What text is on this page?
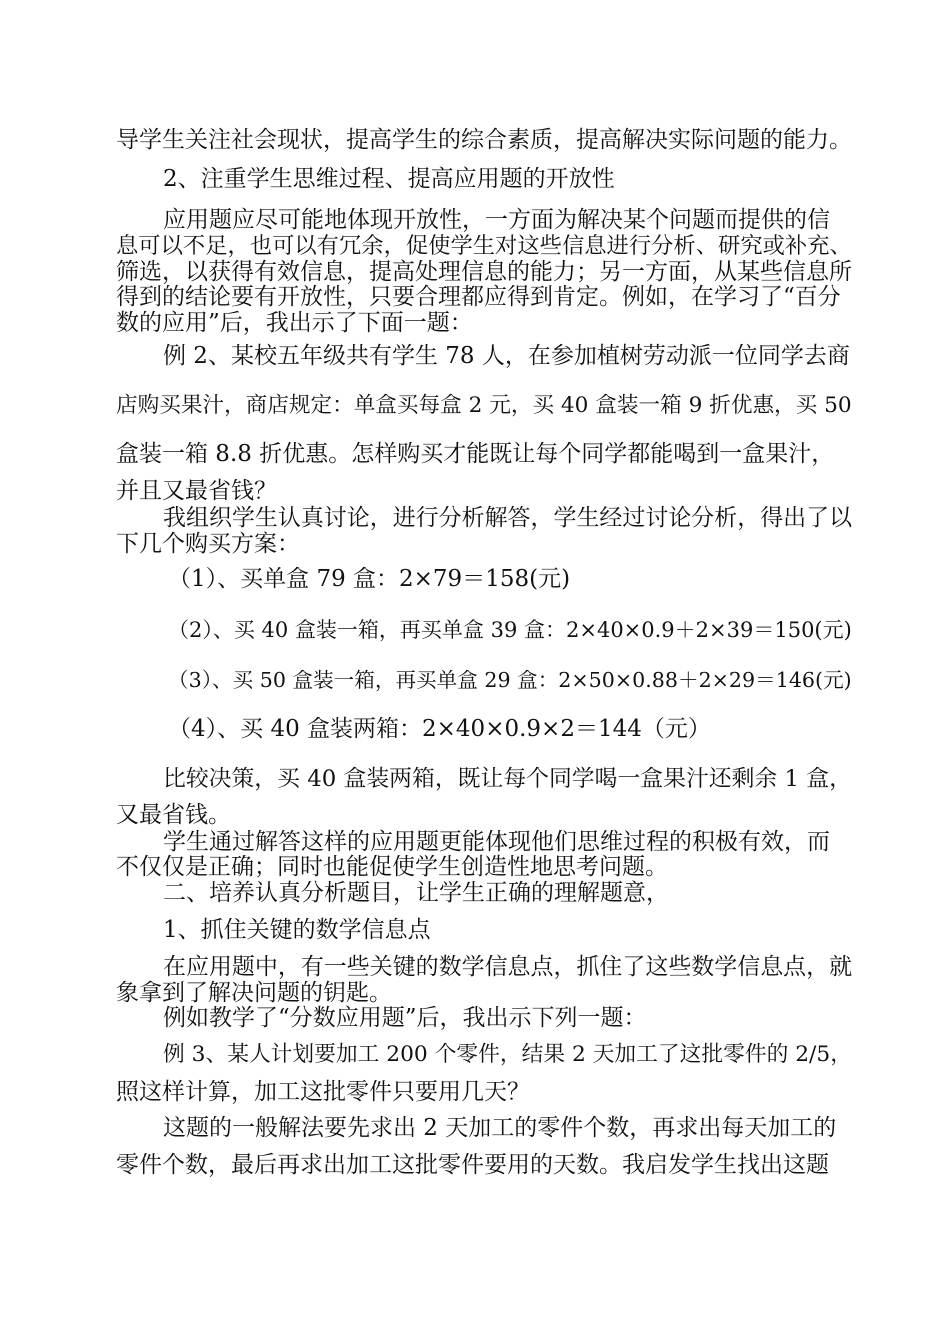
导学生关注社会现状，提高学生的综合素质，提高解决实际问题的能力。
2、注重学生思维过程、提高应用题的开放性
应用题应尽可能地体现开放性，一方面为解决某个问题而提供的信
息可以不足，也可以有冗余，促使学生对这些信息进行分析、研究或补充、
筛选，以获得有效信息，提高处理信息的能力；另一方面，从某些信息所
得到的结论要有开放性，只要合理都应得到肯定。例如，在学习了“百分
数的应用”后，我出示了下面一题：
例 2、某校五年级共有学生 78 人，在参加植树劳动派一位同学去商
店购买果汁，商店规定：单盒买每盒 2 元，买 40 盒装一箱 9 折优惠，买 50
盒装一箱 8.8 折优惠。怎样购买才能既让每个同学都能喝到一盒果汁，
并且又最省钱？
我组织学生认真讨论，进行分析解答，学生经过讨论分析，得出了以
下几个购买方案：
（1）、买单盒 79 盒：2×79＝158(元)
（2）、买 40 盒装一箱，再买单盒 39 盒：2×40×0.9＋2×39＝150(元)
（3）、买 50 盒装一箱，再买单盒 29 盒：2×50×0.88＋2×29＝146(元)
（4）、买 40 盒装两箱：2×40×0.9×2＝144（元）
比较决策，买 40 盒装两箱，既让每个同学喝一盒果汁还剩余 1 盒，
又最省钱。
学生通过解答这样的应用题更能体现他们思维过程的积极有效，而
不仅仅是正确；同时也能促使学生创造性地思考问题。
二、培养认真分析题目，让学生正确的理解题意，
1、抓住关键的数学信息点
在应用题中，有一些关键的数学信息点，抓住了这些数学信息点，就
象拿到了解决问题的钥匙。
例如教学了“分数应用题”后，我出示下列一题：
例 3、某人计划要加工 200 个零件，结果 2 天加工了这批零件的 2/5，
照这样计算，加工这批零件只要用几天？
这题的一般解法要先求出 2 天加工的零件个数，再求出每天加工的
零件个数，最后再求出加工这批零件要用的天数。我启发学生找出这题
